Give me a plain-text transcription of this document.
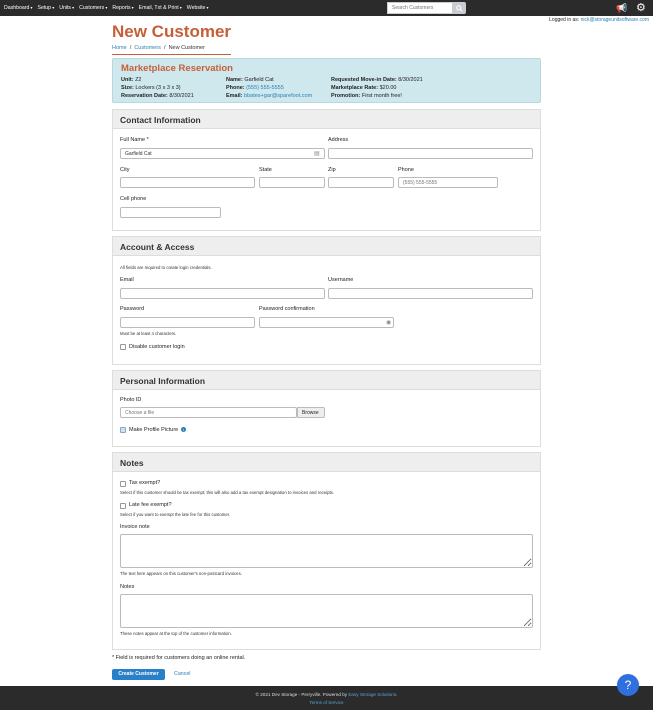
Dashboard ▾	Setup ▾	Units ▾	Customers ▾	Reports ▾	Email, Txt & Print ▾	Website ▾
Search Customers	📢 ⚙
Logged in as: nick@storageunitsoftware.com
New Customer
Home  /  Customers  /  New Customer
Marketplace Reservation
Unit: Z2
Size: Lockers (3 x 3 x 3)
Reservation Date: 8/30/2021
Name: Garfield Cat
Phone: (555) 555-5555
Email: bbates+gar@sparefoot.com
Requested Move-in Date: 8/30/2021
Marketplace Rate: $20.00
Promotion: First month free!
Contact Information
Full Name *
Garfield Cat
▤
Address
City	State	Zip	Phone
(555) 555-5555
Cell phone
Account & Access
All fields are required to create login credentials.
Email	Username
Password	Password confirmation
◉
Must be at least 4 characters.
Disable customer login
Personal Information
Photo ID
Choose a file
Browse
Make Profile Picture	i
Notes
Tax exempt?
Select if this customer should be tax exempt; this will also add a tax exempt designation to invoices and receipts.
Late fee exempt?
Select if you want to exempt the late fee for this customer.
Invoice note
The text here appears on this customer's non-postcard invoices.
Notes
These notes appear at the top of the customer information.
* Field is required for customers doing an online rental.
Create Customer	Cancel
© 2021 Dev Storage - Perryville. Powered by Easy Storage Solutions.
Terms of Service
?
